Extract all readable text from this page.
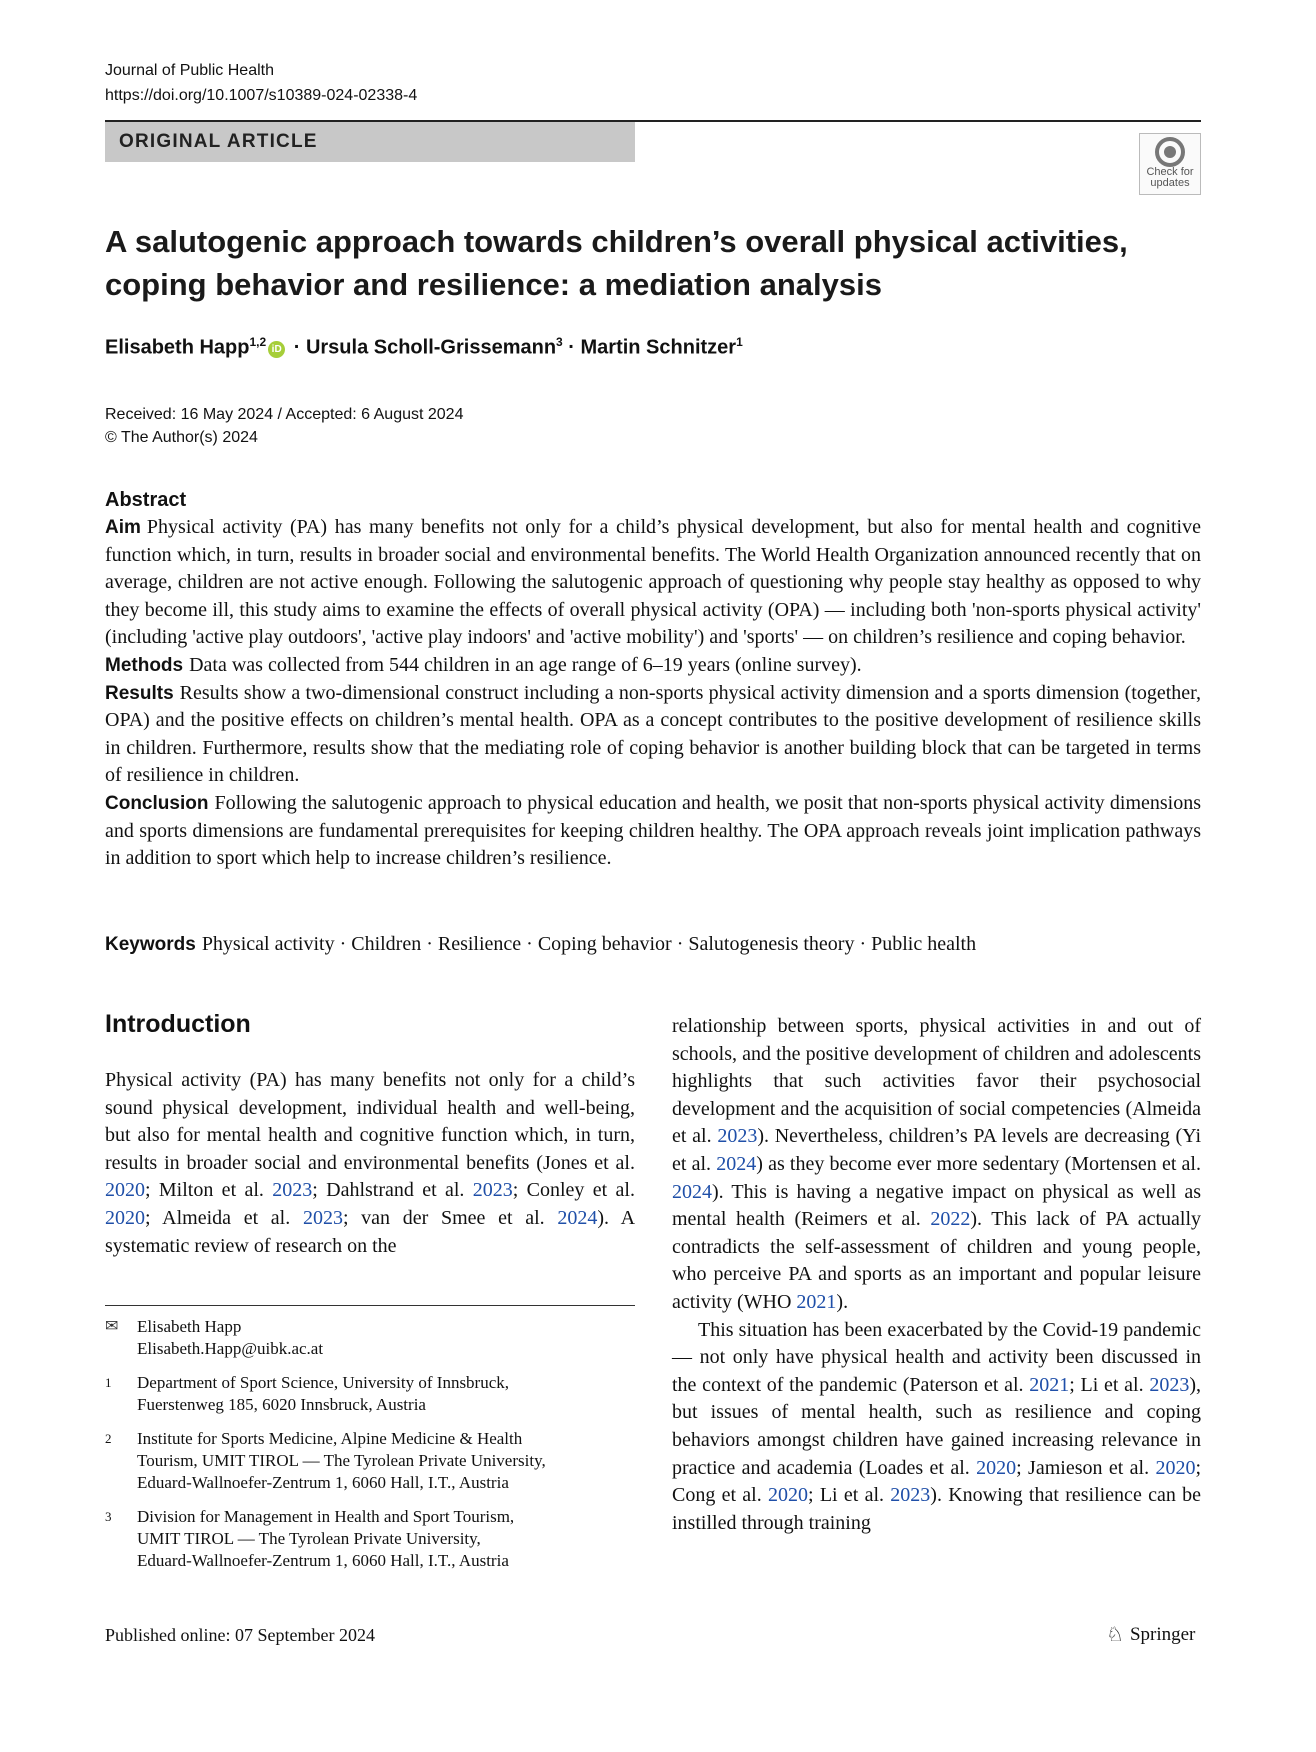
Journal of Public Health
https://doi.org/10.1007/s10389-024-02338-4
ORIGINAL ARTICLE
Check for
updates
A salutogenic approach towards children’s overall physical activities,
coping behavior and resilience: a mediation analysis
Elisabeth Happ$^{1,2}$iD · Ursula Scholl-Grissemann$^3$ · Martin Schnitzer$^1$
Received: 16 May 2024 / Accepted: 6 August 2024
© The Author(s) 2024
Abstract

Aim Physical activity (PA) has many benefits not only for a child’s physical development, but also for mental health and cognitive function which, in turn, results in broader social and environmental benefits. The World Health Organization announced recently that on average, children are not active enough. Following the salutogenic approach of questioning why people stay healthy as opposed to why they become ill, this study aims to examine the effects of overall physical activity (OPA) — including both 'non-sports physical activity' (including 'active play outdoors', 'active play indoors' and 'active mobility') and 'sports' — on children’s resilience and coping behavior.

Methods Data was collected from 544 children in an age range of 6–19 years (online survey).

Results Results show a two-dimensional construct including a non-sports physical activity dimension and a sports dimension (together, OPA) and the positive effects on children’s mental health. OPA as a concept contributes to the positive development of resilience skills in children. Furthermore, results show that the mediating role of coping behavior is another building block that can be targeted in terms of resilience in children.

Conclusion Following the salutogenic approach to physical education and health, we posit that non-sports physical activity dimensions and sports dimensions are fundamental prerequisites for keeping children healthy. The OPA approach reveals joint implication pathways in addition to sport which help to increase children’s resilience.

Keywords Physical activity · Children · Resilience · Coping behavior · Salutogenesis theory · Public health
Introduction
Physical activity (PA) has many benefits not only for a child’s sound physical development, individual health and well-being, but also for mental health and cognitive function which, in turn, results in broader social and environmental benefits (Jones et al. 2020; Milton et al. 2023; Dahlstrand et al. 2023; Conley et al. 2020; Almeida et al. 2023; van der Smee et al. 2024). A systematic review of research on the

relationship between sports, physical activities in and out of schools, and the positive development of children and adolescents highlights that such activities favor their psychosocial development and the acquisition of social competencies (Almeida et al. 2023). Nevertheless, children’s PA levels are decreasing (Yi et al. 2024) as they become ever more sedentary (Mortensen et al. 2024). This is having a negative impact on physical as well as mental health (Reimers et al. 2022). This lack of PA actually contradicts the self-assessment of children and young people, who perceive PA and sports as an important and popular leisure activity (WHO 2021).

This situation has been exacerbated by the Covid-19 pandemic — not only have physical health and activity been discussed in the context of the pandemic (Paterson et al. 2021; Li et al. 2023), but issues of mental health, such as resilience and coping behaviors amongst children have gained increasing relevance in practice and academia (Loades et al. 2020; Jamieson et al. 2020; Cong et al. 2020; Li et al. 2023). Knowing that resilience can be instilled through training

✉	Elisabeth Happ
Elisabeth.Happ@uibk.ac.at
1	Department of Sport Science, University of Innsbruck,
Fuerstenweg 185, 6020 Innsbruck, Austria
2	Institute for Sports Medicine, Alpine Medicine & Health
Tourism, UMIT TIROL — The Tyrolean Private University,
Eduard-Wallnoefer-Zentrum 1, 6060 Hall, I.T., Austria
3	Division for Management in Health and Sport Tourism,
UMIT TIROL — The Tyrolean Private University,
Eduard-Wallnoefer-Zentrum 1, 6060 Hall, I.T., Austria
Published online: 07 September 2024	♘ Springer
